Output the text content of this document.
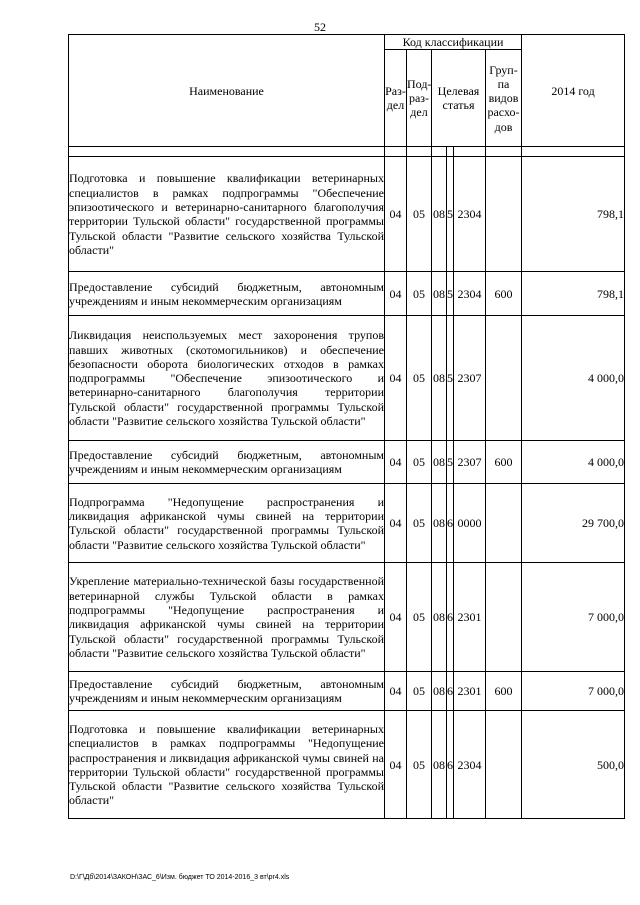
52
Наименование	Код классификации						2014 год
	Раз-дел	Под-раз-дел	Целевая статья			Груп-па видов расхо-дов	

Подготовка и повышение квалификации ветеринарных специалистов в рамках подпрограммы "Обеспечение эпизоотического и ветеринарно-санитарного благополучия территории Тульской области" государственной программы Тульской области "Развитие сельского хозяйства Тульской области"	04	05	08	5	2304		798,1
Предоставление субсидий бюджетным, автономным учреждениям и иным некоммерческим организациям	04	05	08	5	2304	600	798,1
Ликвидация неиспользуемых мест захоронения трупов павших животных (скотомогильников) и обеспечение безопасности оборота биологических отходов в рамках подпрограммы "Обеспечение эпизоотического и ветеринарно-санитарного благополучия территории Тульской области" государственной программы Тульской области "Развитие сельского хозяйства Тульской области"	04	05	08	5	2307		4 000,0
Предоставление субсидий бюджетным, автономным учреждениям и иным некоммерческим организациям	04	05	08	5	2307	600	4 000,0
Подпрограмма "Недопущение распространения и ликвидация африканской чумы свиней на территории Тульской области" государственной программы Тульской области "Развитие сельского хозяйства Тульской области"	04	05	08	6	0000		29 700,0
Укрепление материально-технической базы государственной ветеринарной службы Тульской области в рамках подпрограммы "Недопущение распространения и ликвидация африканской чумы свиней на территории Тульской области" государственной программы Тульской области "Развитие сельского хозяйства Тульской области"	04	05	08	6	2301		7 000,0
Предоставление субсидий бюджетным, автономным учреждениям и иным некоммерческим организациям	04	05	08	6	2301	600	7 000,0
Подготовка и повышение квалификации ветеринарных специалистов в рамках подпрограммы "Недопущение распространения и ликвидация африканской чумы свиней на территории Тульской области" государственной программы Тульской области "Развитие сельского хозяйства Тульской области"	04	05	08	6	2304		500,0
D:\Г\Дб\2014\ЗАКОН\ЗАС_6\Изм. бюджет ТО 2014-2016_3 вт\pr4.xls
